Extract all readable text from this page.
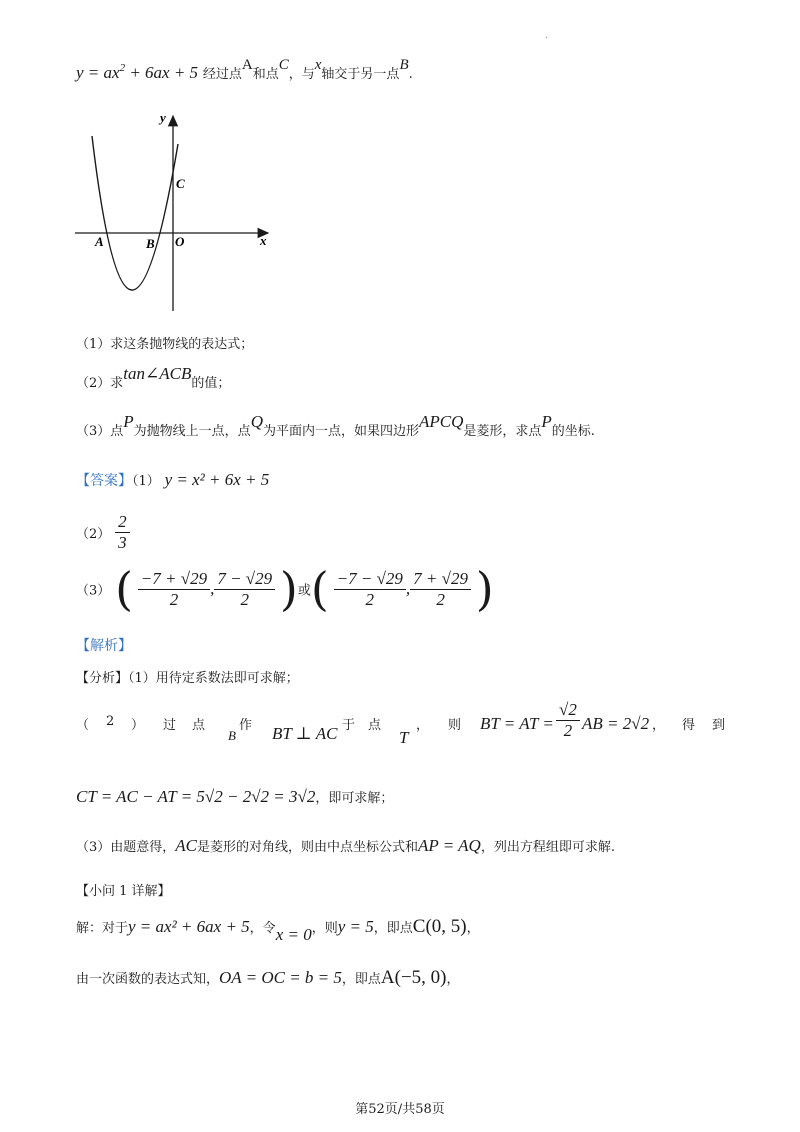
.
$y = ax^2 + 6ax + 5$ 经过点A和点C，与x轴交于另一点B.
y
x
A	B O
C
（1）求这条抛物线的表达式；
（2）求tan∠ACB的值；
（3）点P为抛物线上一点，点Q为平面内一点，如果四边形APCQ是菱形，求点P的坐标.
【答案】（1） y = x² + 6x + 5
$(2) \frac{2}{3}$
（3） ( $\frac{-7 + √29}{2}$ , $\frac{7 - √29}{2}$ )或( $\frac{-7 - √29}{2}$ , $\frac{7 + √29}{2}$ )
【解析】
【分析】（1）用待定系数法即可求解；
（ 2 ） 过 点
B
作 BT ⊥ AC 于 点
T
， 则 BT = AT = $\frac{√2}{2}$ AB = 2√2 ， 得 到
CT = AC − AT = 5√2 − 2√2 = 3√2，即可求解；
（3）由题意得，AC是菱形的对角线，则由中点坐标公式和AP = AQ，列出方程组即可求解.
【小问 1 详解】
解：对于y = ax² + 6ax + 5，令x = 0，则y = 5，即点C(0, 5)，
由一次函数的表达式知，OA = OC = b = 5，即点A(−5, 0)，
第52页/共58页
